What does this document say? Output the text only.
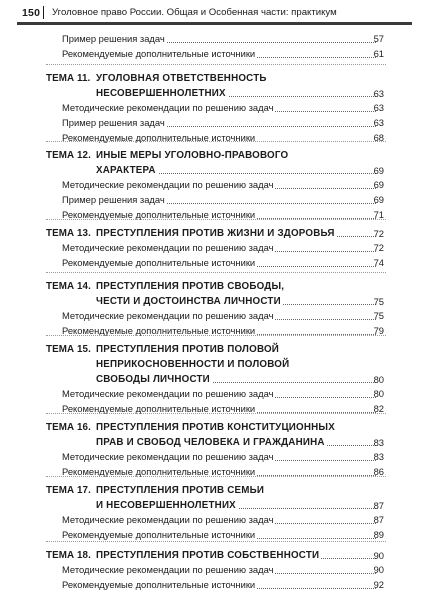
150 Уголовное право России. Общая и Особенная части: практикум
Пример решения задач	57
Рекомендуемые дополнительные источники	61
ТЕМА 11. УГОЛОВНАЯ ОТВЕТСТВЕННОСТЬ
НЕСОВЕРШЕННОЛЕТНИХ	63
Методические рекомендации по решению задач	63
Пример решения задач	63
Рекомендуемые дополнительные источники	68
ТЕМА 12. ИНЫЕ МЕРЫ УГОЛОВНО-ПРАВОВОГО
ХАРАКТЕРА	69
Методические рекомендации по решению задач	69
Пример решения задач	69
Рекомендуемые дополнительные источники	71
ТЕМА 13. ПРЕСТУПЛЕНИЯ ПРОТИВ ЖИЗНИ И ЗДОРОВЬЯ	72
Методические рекомендации по решению задач	72
Рекомендуемые дополнительные источники	74
ТЕМА 14. ПРЕСТУПЛЕНИЯ ПРОТИВ СВОБОДЫ,
ЧЕСТИ И ДОСТОИНСТВА ЛИЧНОСТИ	75
Методические рекомендации по решению задач	75
Рекомендуемые дополнительные источники	79
ТЕМА 15. ПРЕСТУПЛЕНИЯ ПРОТИВ ПОЛОВОЙ
НЕПРИКОСНОВЕННОСТИ И ПОЛОВОЙ
СВОБОДЫ ЛИЧНОСТИ	80
Методические рекомендации по решению задач	80
Рекомендуемые дополнительные источники	82
ТЕМА 16. ПРЕСТУПЛЕНИЯ ПРОТИВ КОНСТИТУЦИОННЫХ
ПРАВ И СВОБОД ЧЕЛОВЕКА И ГРАЖДАНИНА	83
Методические рекомендации по решению задач	83
Рекомендуемые дополнительные источники	86
ТЕМА 17. ПРЕСТУПЛЕНИЯ ПРОТИВ СЕМЬИ
И НЕСОВЕРШЕННОЛЕТНИХ	87
Методические рекомендации по решению задач	87
Рекомендуемые дополнительные источники	89
ТЕМА 18. ПРЕСТУПЛЕНИЯ ПРОТИВ СОБСТВЕННОСТИ	90
Методические рекомендации по решению задач	90
Рекомендуемые дополнительные источники	92
